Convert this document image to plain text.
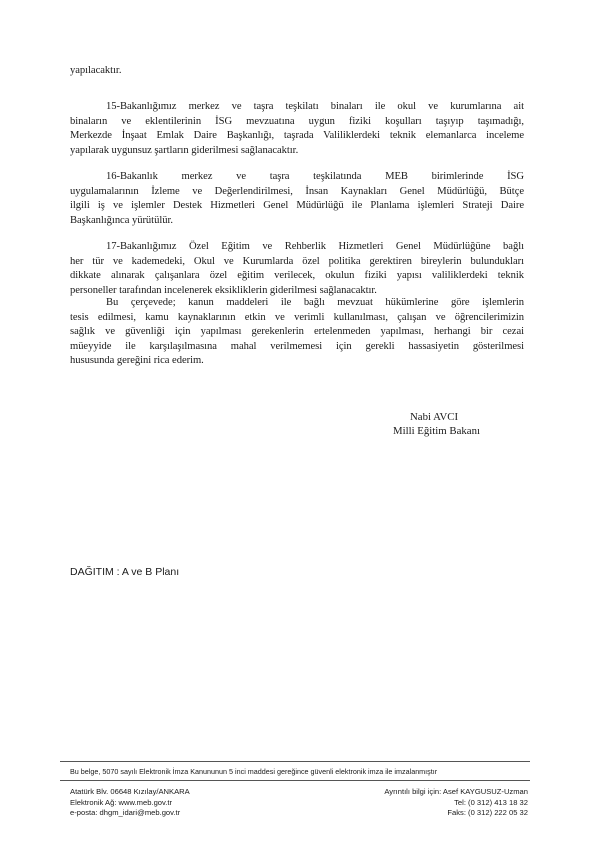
yapılacaktır.
15-Bakanlığımız merkez ve taşra teşkilatı binaları ile okul ve kurumlarına ait
binaların ve eklentilerinin İSG mevzuatına uygun fiziki koşulları taşıyıp taşımadığı,
Merkezde İnşaat Emlak Daire Başkanlığı, taşrada Valiliklerdeki teknik elemanlarca inceleme
yapılarak uygunsuz şartların giderilmesi sağlanacaktır.
16-Bakanlık merkez ve taşra teşkilatında MEB birimlerinde İSG
uygulamalarının İzleme ve Değerlendirilmesi, İnsan Kaynakları Genel Müdürlüğü, Bütçe
ilgili iş ve işlemler Destek Hizmetleri Genel Müdürlüğü ile Planlama işlemleri Strateji Daire
Başkanlığınca yürütülür.
17-Bakanlığımız Özel Eğitim ve Rehberlik Hizmetleri Genel Müdürlüğüne bağlı
her tür ve kademedeki, Okul ve Kurumlarda özel politika gerektiren bireylerin bulundukları
dikkate alınarak çalışanlara özel eğitim verilecek, okulun fiziki yapısı valiliklerdeki teknik
personeller tarafından incelenerek eksikliklerin giderilmesi sağlanacaktır.
Bu çerçevede; kanun maddeleri ile bağlı mevzuat hükümlerine göre işlemlerin
tesis edilmesi, kamu kaynaklarının etkin ve verimli kullanılması, çalışan ve öğrencilerimizin
sağlık ve güvenliği için yapılması gerekenlerin ertelenmeden yapılması, herhangi bir cezai
müeyyide ile karşılaşılmasına mahal verilmemesi için gerekli hassasiyetin gösterilmesi
hususunda gereğini rica ederim.
Nabi AVCI
Milli Eğitim Bakanı
DAĞITIM : A ve B Planı
Bu belge, 5070 sayılı Elektronik İmza Kanununun 5 inci maddesi gereğince güvenli elektronik imza ile imzalanmıştır
Atatürk Blv. 06648 Kızılay/ANKARA
Elektronik Ağ: www.meb.gov.tr
e-posta: dhgm_idari@meb.gov.tr
Ayrıntılı bilgi için: Asef KAYGUSUZ-Uzman
Tel: (0 312) 413 18 32
Faks: (0 312) 222 05 32
